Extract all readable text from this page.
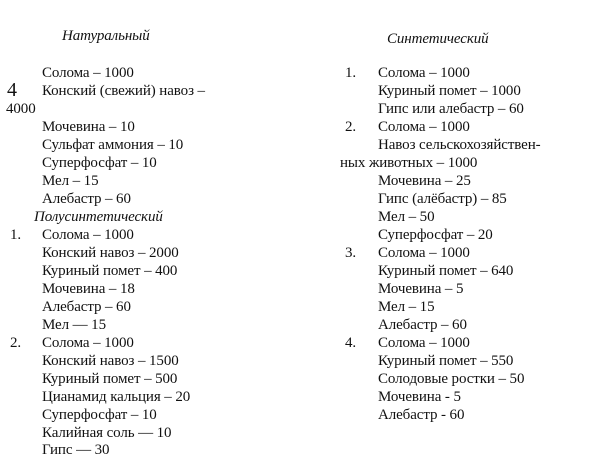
Натуральный
4
Солома – 1000
Конский (свежий) навоз –
4000
Мочевина – 10
Сульфат аммония – 10
Суперфосфат – 10
Мел – 15
Алебастр – 60
Полусинтетический
1. Солома – 1000
Конский навоз – 2000
Куриный помет – 400
Мочевина – 18
Алебастр – 60
Мел — 15
2. Солома – 1000
Конский навоз – 1500
Куриный помет – 500
Цианамид кальция – 20
Суперфосфат – 10
Калийная соль — 10
Гипс — 30
Синтетический
1. Солома – 1000
Куриный помет – 1000
Гипс или алебастр – 60
2. Солома – 1000
Навоз сельскохозяйствен-
ных животных – 1000
Мочевина – 25
Гипс (алёбастр) – 85
Мел – 50
Суперфосфат – 20
3. Солома – 1000
Куриный помет – 640
Мочевина – 5
Мел – 15
Алебастр – 60
4. Солома – 1000
Куриный помет – 550
Солодовые ростки – 50
Мочевина - 5
Алебастр - 60
